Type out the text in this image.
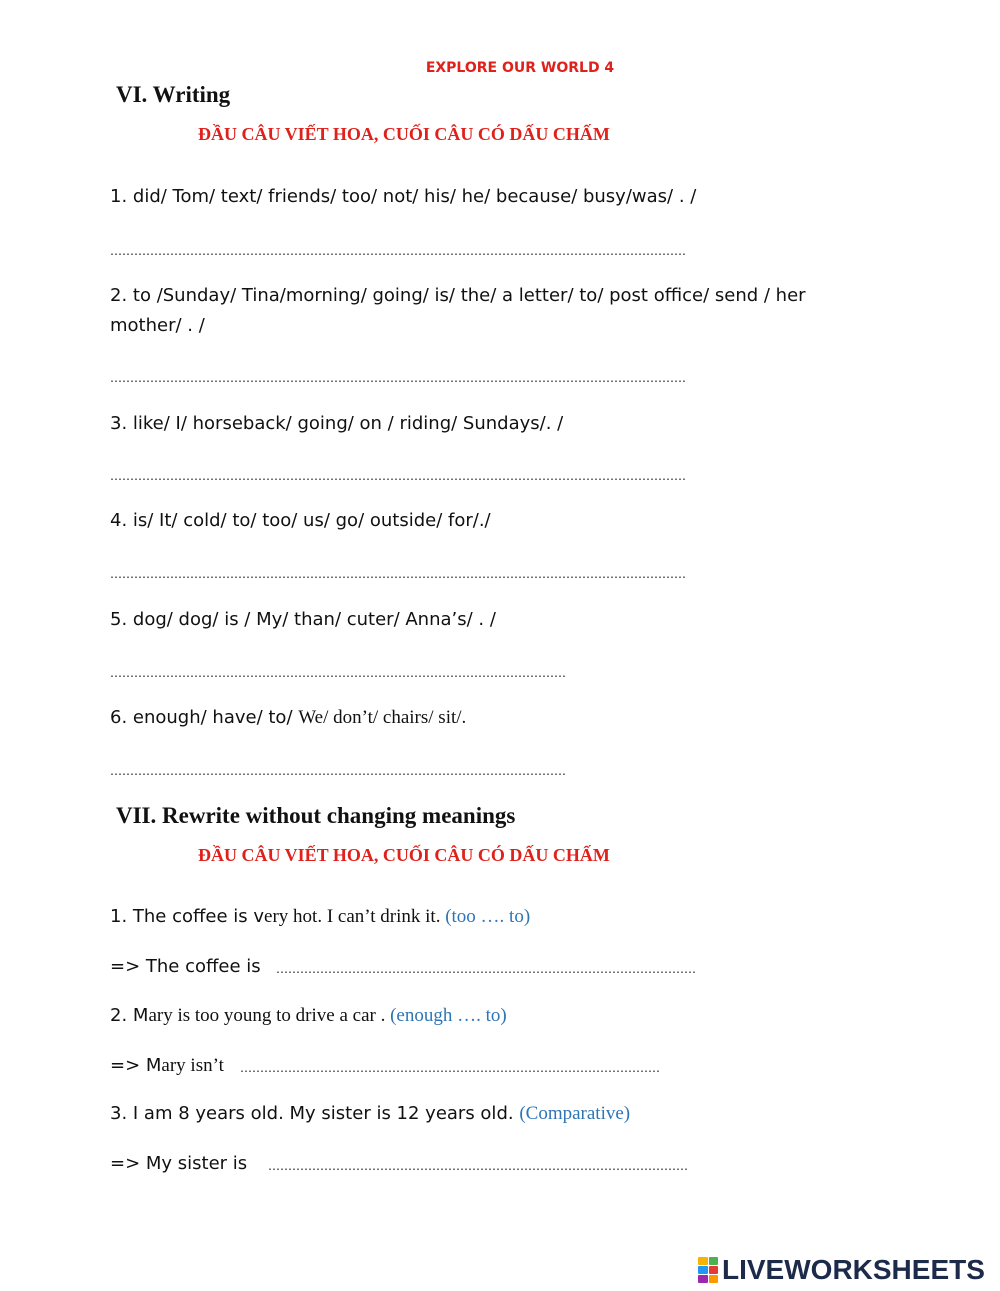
EXPLORE OUR WORLD 4
VI. Writing
ĐẦU CÂU VIẾT HOA, CUỐI CÂU CÓ DẤU CHẤM
1. did/ Tom/ text/ friends/ too/ not/ his/ he/ because/ busy/was/ . /
………………………………………………………………………………………………………………………………
2. to /Sunday/ Tina/morning/ going/ is/ the/ a letter/ to/ post office/ send / her
mother/ . /
………………………………………………………………………………………………………………………………
3. like/ I/ horseback/ going/ on / riding/ Sundays/. /
………………………………………………………………………………………………………………………………
4. is/ It/ cold/ to/ too/ us/ go/ outside/ for/./
………………………………………………………………………………………………………………………………
5. dog/ dog/ is / My/ than/ cuter/ Anna’s/ . /
……………………………………………………………………………………………………
6. enough/ have/ to/ We/ don’t/ chairs/ sit/.
……………………………………………………………………………………………………
VII. Rewrite without changing meanings
ĐẦU CÂU VIẾT HOA, CUỐI CÂU CÓ DẤU CHẤM
1. The coffee is very hot. I can’t drink it. (too …. to)
=> The coffee is ……………………………………………………………………………………………
2. Mary is too young to drive a car . (enough …. to)
=> Mary isn’t ……………………………………………………………………………………………
3. I am 8 years old. My sister is 12 years old. (Comparative)
=> My sister is ……………………………………………………………………………………………
LIVEWORKSHEETS
